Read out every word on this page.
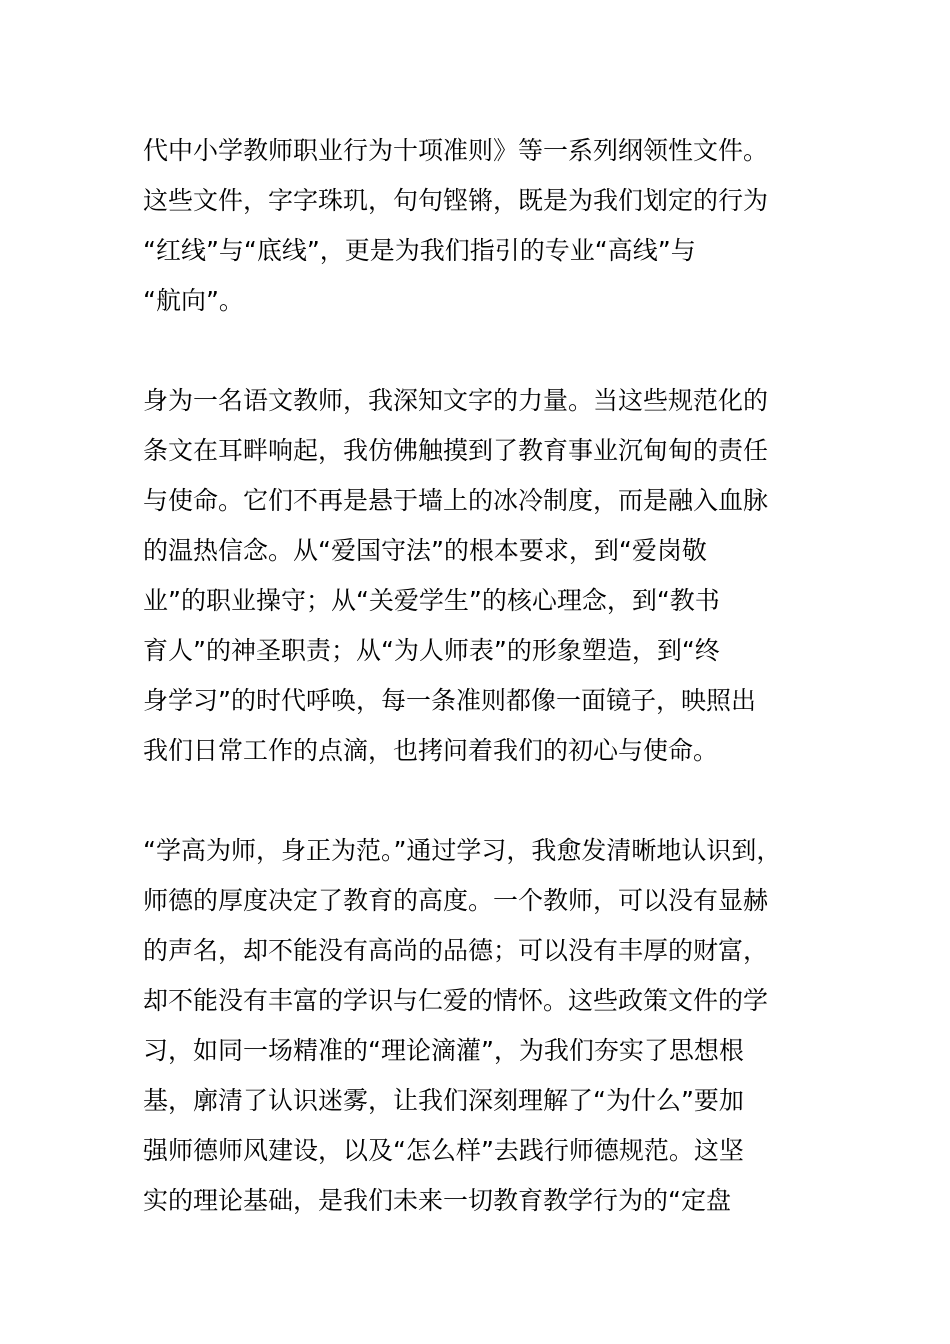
代中小学教师职业行为十项准则》等一系列纲领性文件。
这些文件，字字珠玑，句句铿锵，既是为我们划定的行为
“红线”与“底线”，更是为我们指引的专业“高线”与
“航向”。
身为一名语文教师，我深知文字的力量。当这些规范化的
条文在耳畔响起，我仿佛触摸到了教育事业沉甸甸的责任
与使命。它们不再是悬于墙上的冰冷制度，而是融入血脉
的温热信念。从“爱国守法”的根本要求，到“爱岗敬
业”的职业操守；从“关爱学生”的核心理念，到“教书
育人”的神圣职责；从“为人师表”的形象塑造，到“终
身学习”的时代呼唤，每一条准则都像一面镜子，映照出
我们日常工作的点滴，也拷问着我们的初心与使命。
“学高为师，身正为范。”通过学习，我愈发清晰地认识到，
师德的厚度决定了教育的高度。一个教师，可以没有显赫
的声名，却不能没有高尚的品德；可以没有丰厚的财富，
却不能没有丰富的学识与仁爱的情怀。这些政策文件的学
习，如同一场精准的“理论滴灌”，为我们夯实了思想根
基，廓清了认识迷雾，让我们深刻理解了“为什么”要加
强师德师风建设，以及“怎么样”去践行师德规范。这坚
实的理论基础，是我们未来一切教育教学行为的“定盘
